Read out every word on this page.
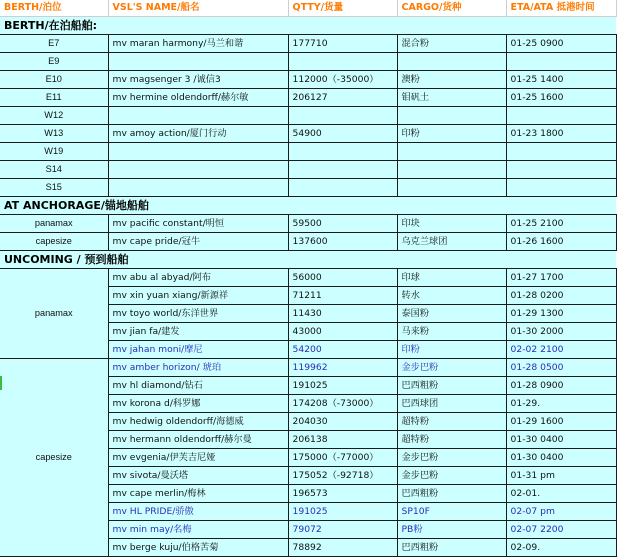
BERTH/泊位	VSL'S NAME/船名	QTTY/货量	CARGO/货种	ETA/ATA 抵港时间
BERTH/在泊船舶:				
E7	mv maran harmony/马兰和谐	177710	混合粉	01-25 0900
E9				
E10	mv magsenger 3 /诚信3	112000（-35000）	澳粉	01-25 1400
E11	mv hermine oldendorff/赫尔敏	206127	钼矾土	01-25 1600
W12				
W13	mv amoy action/厦门行动	54900	印粉	01-23 1800
W19				
S14				
S15				
AT ANCHORAGE/锚地船舶				
panamax	mv pacific constant/明恒	59500	印块	01-25 2100
capesize	mv cape pride/冠牛	137600	乌克兰球团	01-26 1600
UNCOMING / 预到船舶				
panamax	mv abu al abyad/阿布	56000	印球	01-27 1700
	mv xin yuan xiang/新源祥	71211	转水	01-28 0200
	mv toyo world/东洋世界	11430	泰国粉	01-29 1300
	mv jian fa/建发	43000	马来粉	01-30 2000
	mv jahan moni/摩尼	54200	印粉	02-02 2100
capesize	mv amber horizon/ 琥珀	119962	金步巴粉	01-28 0500
	mv hl diamond/钻石	191025	巴西粗粉	01-28 0900
	mv korona d/科罗娜	174208（-73000）	巴西球团	01-29.
	mv hedwig oldendorff/海德威	204030	超特粉	01-29 1600
	mv hermann oldendorff/赫尔曼	206138	超特粉	01-30 0400
	mv evgenia/伊芙吉尼娅	175000（-77000）	金步巴粉	01-30 0400
	mv sivota/曼沃塔	175052（-92718）	金步巴粉	01-31 pm
	mv cape merlin/梅林	196573	巴西粗粉	02-01.
	mv HL PRIDE/骄傲	191025	SP10F	02-07 pm
	mv min may/名梅	79072	PB粉	02-07 2200
	mv berge kuju/伯格苦菊	78892	巴西粗粉	02-09.
